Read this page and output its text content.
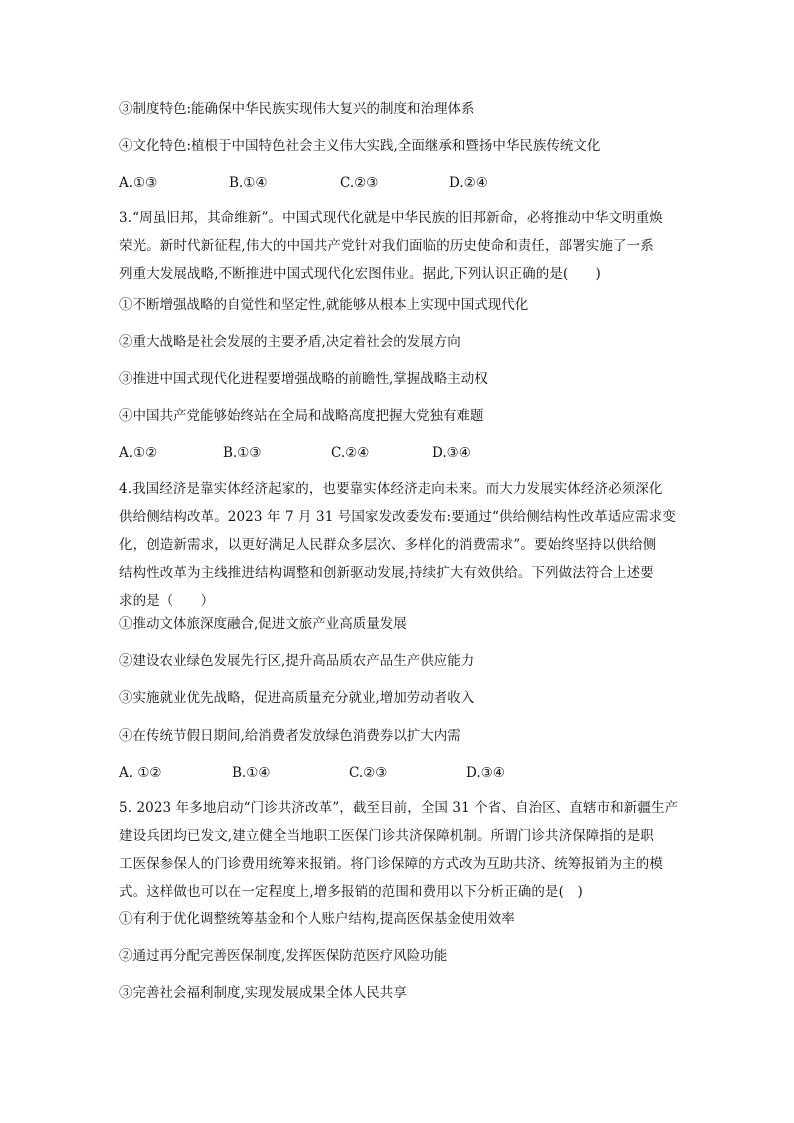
③制度特色:能确保中华民族实现伟大复兴的制度和治理体系
④文化特色:植根于中国特色社会主义伟大实践,全面继承和暨扬中华民族传统文化
A.①③	B.①④	C.②③	D.②④
3.“周虽旧邦，其命维新”。中国式现代化就是中华民族的旧邦新命，必将推动中华文明重焕
荣光。新时代新征程,伟大的中国共产党针对我们面临的历史使命和责任，部署实施了一系
列重大发展战略,不断推进中国式现代化宏图伟业。据此,下列认识正确的是(　　)
①不断增强战略的自觉性和坚定性,就能够从根本上实现中国式现代化
②重大战略是社会发展的主要矛盾,决定着社会的发展方向
③推进中国式现代化进程要增强战略的前瞻性,掌握战略主动权
④中国共产党能够始终站在全局和战略高度把握大党独有难题
A.①②	B.①③	C.②④	D.③④
4.我国经济是靠实体经济起家的，也要靠实体经济走向未来。而大力发展实体经济必须深化
供给侧结构改革。2023 年 7 月 31 号国家发改委发布:要通过“供给侧结构性改革适应需求变
化，创造新需求，以更好满足人民群众多层次、多样化的消费需求”。要始终坚持以供给侧
结构性改革为主线推进结构调整和创新驱动发展,持续扩大有效供给。下列做法符合上述要
求的是（　　）
①推动文体旅深度融合,促进文旅产业高质量发展
②建设农业绿色发展先行区,提升高品质农产品生产供应能力
③实施就业优先战略，促进高质量充分就业,增加劳动者收入
④在传统节假日期间,给消费者发放绿色消费券以扩大内需
A. ①②	B.①④	C.②③	D.③④
5. 2023 年多地启动“门诊共济改革”，截至目前，全国 31 个省、自治区、直辖市和新疆生产
建设兵团均已发文,建立健全当地职工医保门诊共济保障机制。所谓门诊共济保障指的是职
工医保参保人的门诊费用统筹来报销。将门诊保障的方式改为互助共济、统筹报销为主的模
式。这样做也可以在一定程度上,增多报销的范围和费用以下分析正确的是(　)
①有利于优化调整统筹基金和个人账户结构,提高医保基金使用效率
②通过再分配完善医保制度,发挥医保防范医疗风险功能
③完善社会福利制度,实现发展成果全体人民共享
